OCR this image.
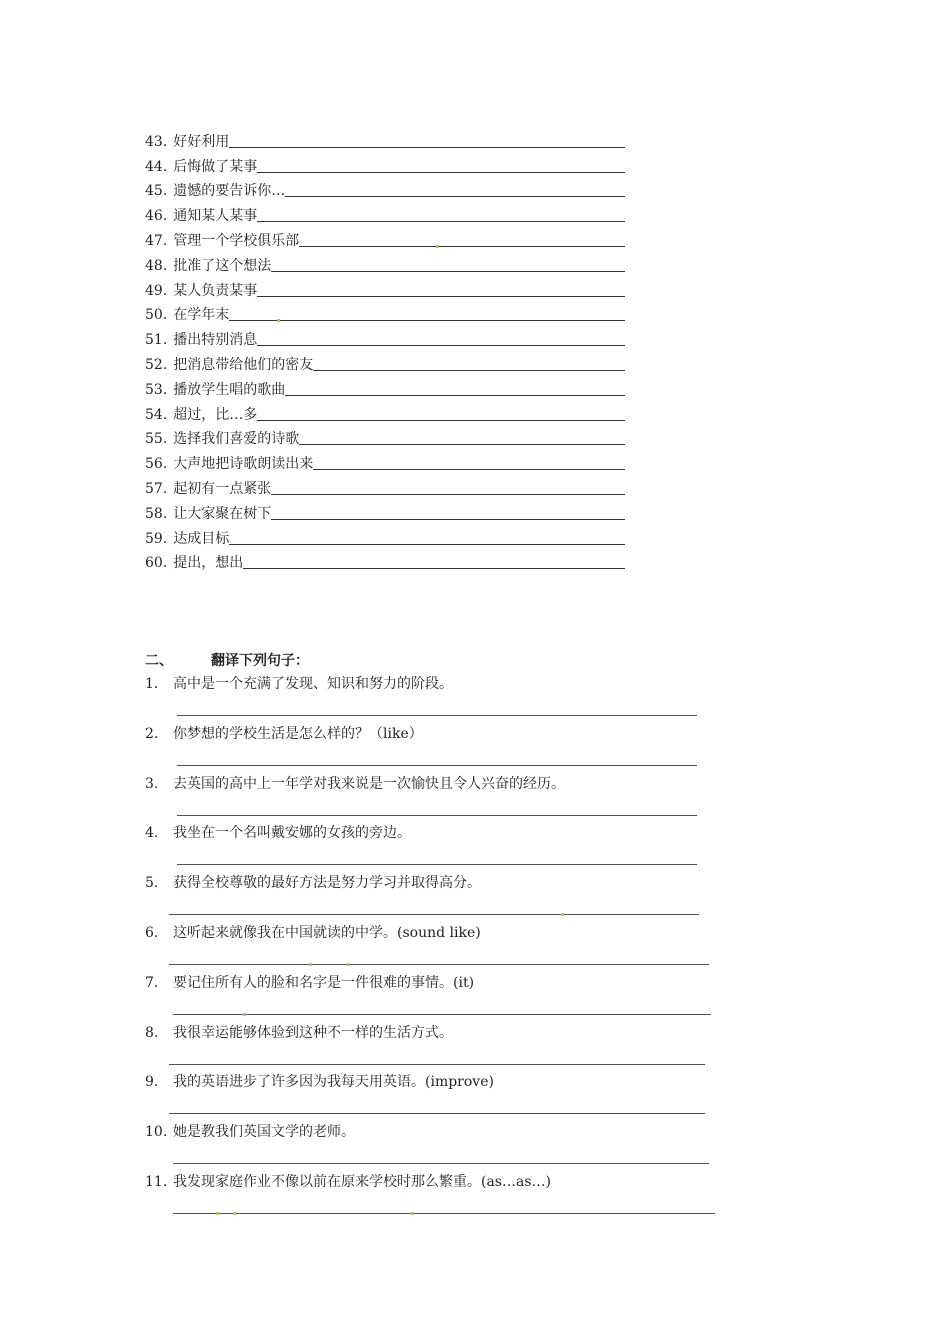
43. 好好利用
44. 后悔做了某事
45. 遗憾的要告诉你…
46. 通知某人某事
47. 管理一个学校俱乐部
48. 批准了这个想法
49. 某人负责某事
50. 在学年末
51. 播出特别消息
52. 把消息带给他们的密友
53. 播放学生唱的歌曲
54. 超过，比…多
55. 选择我们喜爱的诗歌
56. 大声地把诗歌朗读出来
57. 起初有一点紧张
58. 让大家聚在树下
59. 达成目标
60. 提出，想出
二、	翻译下列句子：
1. 高中是一个充满了发现、知识和努力的阶段。
2. 你梦想的学校生活是怎么样的？（like）
3. 去英国的高中上一年学对我来说是一次愉快且令人兴奋的经历。
4. 我坐在一个名叫戴安娜的女孩的旁边。
5. 获得全校尊敬的最好方法是努力学习并取得高分。
6. 这听起来就像我在中国就读的中学。(sound like)
7. 要记住所有人的脸和名字是一件很难的事情。(it)
8. 我很幸运能够体验到这种不一样的生活方式。
9. 我的英语进步了许多因为我每天用英语。(improve)
10. 她是教我们英国文学的老师。
11. 我发现家庭作业不像以前在原来学校时那么繁重。(as…as…)
